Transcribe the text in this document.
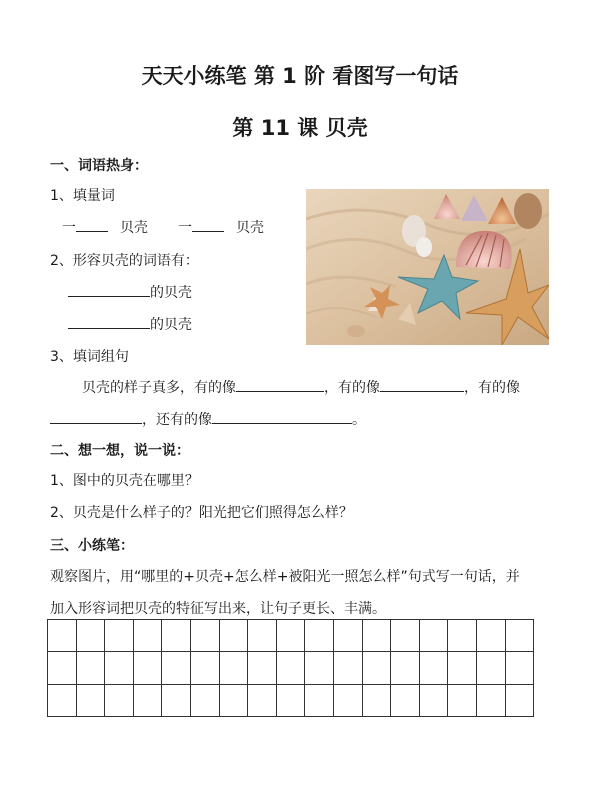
天天小练笔 第 1 阶 看图写一句话
第 11 课 贝壳
一、词语热身：
1、填量词
一	贝壳 一	贝壳
2、形容贝壳的词语有：
的贝壳
的贝壳
3、填词组句
贝壳的样子真多，有的像	，有的像	，有的像
，还有的像	。
二、想一想，说一说：
1、图中的贝壳在哪里？
2、贝壳是什么样子的？阳光把它们照得怎么样？
三、小练笔：
观察图片，用“哪里的+贝壳+怎么样+被阳光一照怎么样”句式写一句话，并
加入形容词把贝壳的特征写出来，让句子更长、丰满。
